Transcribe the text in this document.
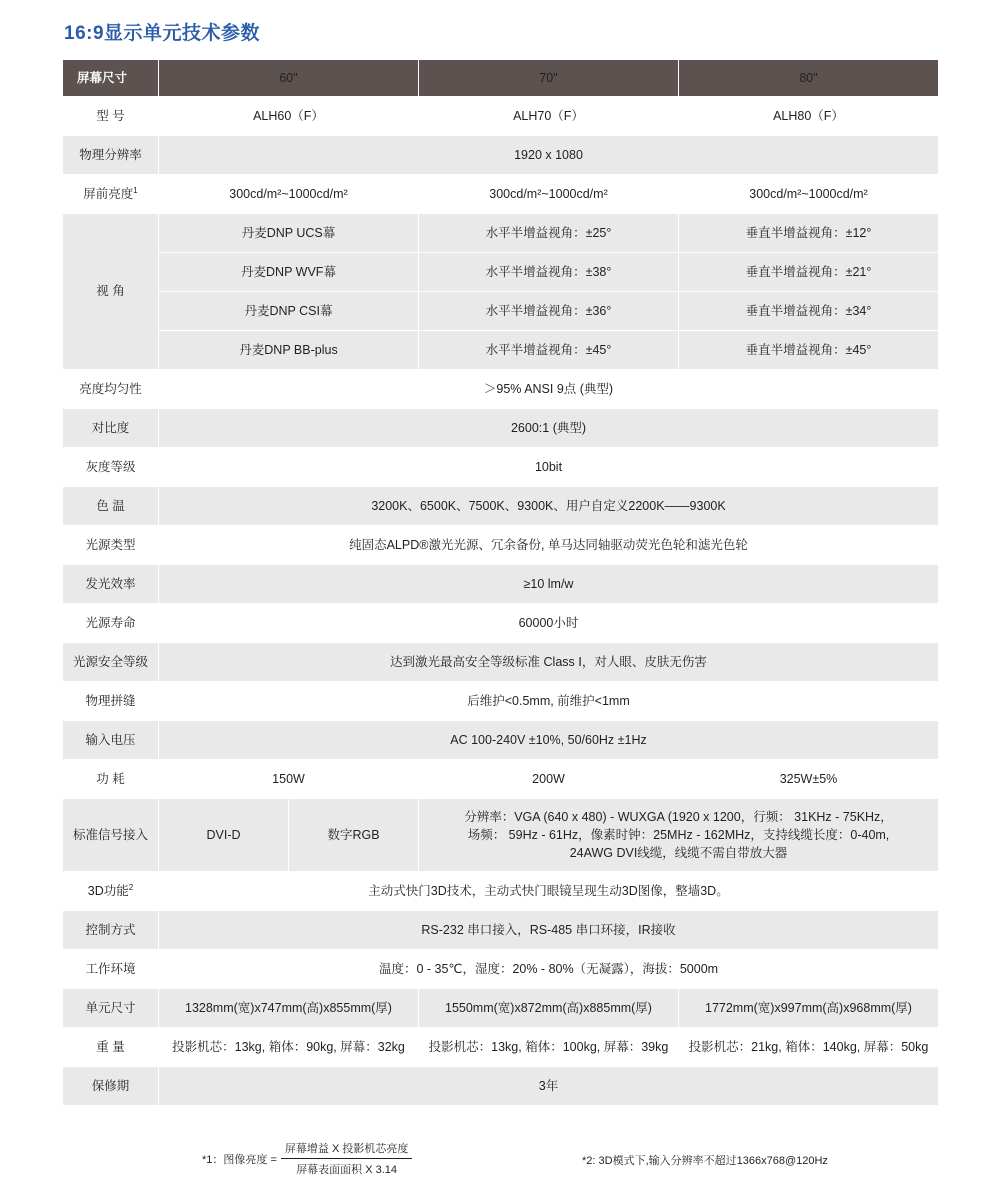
16:9显示单元技术参数
屏幕尺寸	60"		70"	80"
型 号	ALH60（F）		ALH70（F）	ALH80（F）
物理分辨率	1920 x 1080			
屏前亮度$^1$	300cd/m²~1000cd/m²		300cd/m²~1000cd/m²	300cd/m²~1000cd/m²
视 角	丹麦DNP UCS幕		水平半增益视角：±25°	垂直半增益视角：±12°
	丹麦DNP WVF幕		水平半增益视角：±38°	垂直半增益视角：±21°
	丹麦DNP CSI幕		水平半增益视角：±36°	垂直半增益视角：±34°
	丹麦DNP BB-plus		水平半增益视角：±45°	垂直半增益视角：±45°
亮度均匀性	＞95% ANSI 9点 (典型)			
对比度	2600:1 (典型)			
灰度等级	10bit			
色 温	3200K、6500K、7500K、9300K、用户自定义2200K——9300K			
光源类型	纯固态ALPD®激光光源、冗余备份, 单马达同轴驱动荧光色轮和滤光色轮			
发光效率	≥10 lm/w			
光源寿命	60000小时			
光源安全等级	达到激光最高安全等级标准 Class Ⅰ，对人眼、皮肤无伤害			
物理拼缝	后维护<0.5mm, 前维护<1mm			
输入电压	AC 100-240V ±10%, 50/60Hz ±1Hz			
功 耗	150W		200W	325W±5%
标准信号接入	DVI-D	数字RGB	分辨率：VGA (640 x 480) - WUXGA (1920 x 1200，行频： 31KHz - 75KHz，
场频： 59Hz - 61Hz，像素时钟：25MHz - 162MHz，支持线缆长度：0-40m,
24AWG DVI线缆，线缆不需自带放大器	

3D功能$^2$	主动式快门3D技术，主动式快门眼镜呈现生动3D图像，整墙3D。			
控制方式	RS-232 串口接入，RS-485 串口环接，IR接收			
工作环境	温度：0 - 35℃，湿度：20% - 80%（无凝露），海拔：5000m			
单元尺寸	1328mm(宽)x747mm(高)x855mm(厚)		1550mm(宽)x872mm(高)x885mm(厚)	1772mm(宽)x997mm(高)x968mm(厚)
重 量	投影机芯：13kg, 箱体：90kg, 屏幕：32kg		投影机芯：13kg, 箱体：100kg, 屏幕：39kg	投影机芯：21kg, 箱体：140kg, 屏幕：50kg
保修期	3年			
*1：图像亮度 = $\frac{\text{屏幕增益 X 投影机芯亮度}}{\text{屏幕表面面积 X 3.14}}$	*2: 3D模式下,输入分辨率不超过1366x768@120Hz
